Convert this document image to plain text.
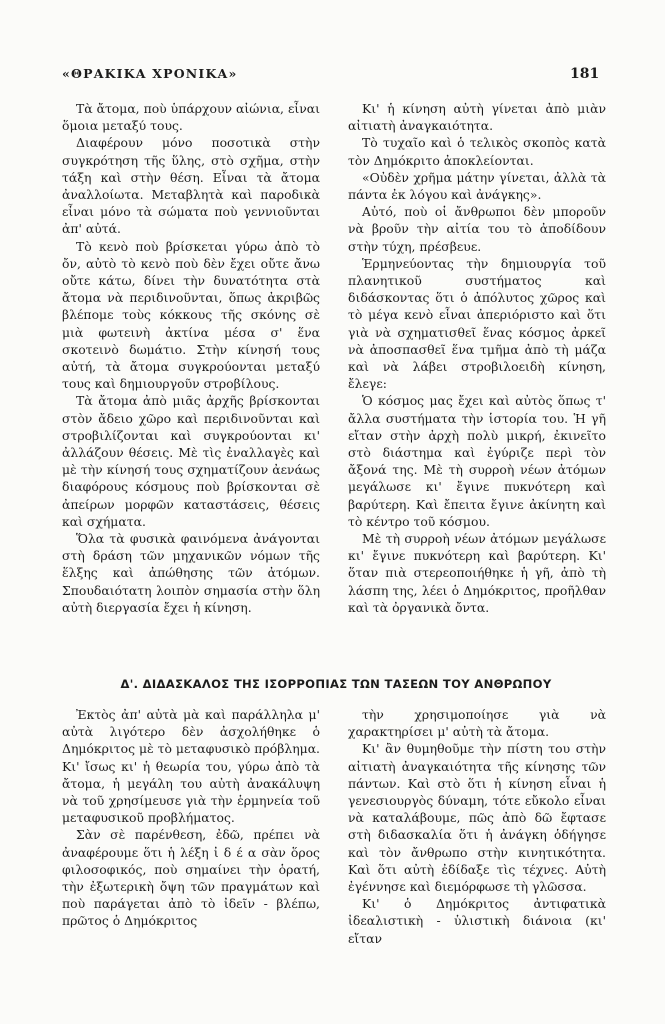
«ΘΡΑΚΙΚΑ ΧΡΟΝΙΚΑ»	181

Τὰ ἄτομα, ποὺ ὑπάρχουν αἰώνια, εἶναι ὅμοια μεταξύ τους.

Διαφέρουν μόνο ποσοτικὰ στὴν συγκρότηση τῆς ὕλης, στὸ σχῆμα, στὴν τάξη καὶ στὴν θέση. Εἶναι τὰ ἄτομα ἀναλλοίωτα. Μεταβλητὰ καὶ παροδικὰ εἶναι μόνο τὰ σώματα ποὺ γεννιοῦνται ἀπ' αὐτά.

Τὸ κενὸ ποὺ βρίσκεται γύρω ἀπὸ τὸ ὄν, αὐτὸ τὸ κενὸ ποὺ δὲν ἔχει οὔτε ἄνω οὔτε κάτω, δίνει τὴν δυνατότητα στὰ ἄτομα νὰ περιδινοῦνται, ὅπως ἀκριβῶς βλέπομε τοὺς κόκκους τῆς σκόνης σὲ μιὰ φωτεινὴ ἀκτίνα μέσα σ' ἕνα σκοτεινὸ δωμάτιο. Στὴν κίνησή τους αὐτή, τὰ ἄτομα συγκρούονται μεταξύ τους καὶ δημιουργοῦν στροβίλους.

Τὰ ἄτομα ἀπὸ μιᾶς ἀρχῆς βρίσκονται στὸν ἄδειο χῶρο καὶ περιδινοῦνται καὶ στροβιλίζονται καὶ συγκρούονται κι' ἀλλάζουν θέσεις. Μὲ τὶς ἐναλλαγὲς καὶ μὲ τὴν κίνησή τους σχηματίζουν ἀενάως διαφόρους κόσμους ποὺ βρίσκονται σὲ ἀπείρων μορφῶν καταστάσεις, θέσεις καὶ σχήματα.

Ὅλα τὰ φυσικὰ φαινόμενα ἀνάγονται στὴ δράση τῶν μηχανικῶν νόμων τῆς ἕλξης καὶ ἀπώθησης τῶν ἀτόμων. Σπουδαιότατη λοιπὸν σημασία στὴν ὅλη αὐτὴ διεργασία ἔχει ἡ κίνηση.

Κι' ἡ κίνηση αὐτὴ γίνεται ἀπὸ μιὰν αἰτιατὴ ἀναγκαιότητα.

Τὸ τυχαῖο καὶ ὁ τελικὸς σκοπὸς κατὰ τὸν Δημόκριτο ἀποκλείονται.

«Οὐδὲν χρῆμα μάτην γίνεται, ἀλλὰ τὰ πάντα ἐκ λόγου καὶ ἀνάγκης».

Αὐτό, ποὺ οἱ ἄνθρωποι δὲν μποροῦν νὰ βροῦν τὴν αἰτία του τὸ ἀποδίδουν στὴν τύχη, πρέσβευε.

Ἑρμηνεύοντας τὴν δημιουργία τοῦ πλανητικοῦ συστήματος καὶ διδάσκοντας ὅτι ὁ ἀπόλυτος χῶρος καὶ τὸ μέγα κενὸ εἶναι ἀπεριόριστο καὶ ὅτι γιὰ νὰ σχηματισθεῖ ἕνας κόσμος ἀρκεῖ νὰ ἀποσπασθεῖ ἕνα τμῆμα ἀπὸ τὴ μάζα καὶ νὰ λάβει στροβιλοειδὴ κίνηση, ἔλεγε:

Ὁ κόσμος μας ἔχει καὶ αὐτὸς ὅπως τ' ἄλλα συστήματα τὴν ἱστορία του. Ἡ γῆ εἴταν στὴν ἀρχὴ πολὺ μικρή, ἐκινεῖτο στὸ διάστημα καὶ ἐγύριζε περὶ τὸν ἄξονά της. Μὲ τὴ συρροὴ νέων ἀτόμων μεγάλωσε κι' ἔγινε πυκνότερη καὶ βαρύτερη. Καὶ ἔπειτα ἔγινε ἀκίνητη καὶ τὸ κέντρο τοῦ κόσμου.

Μὲ τὴ συρροὴ νέων ἀτόμων μεγάλωσε κι' ἔγινε πυκνότερη καὶ βαρύτερη. Κι' ὅταν πιὰ στερεοποιήθηκε ἡ γῆ, ἀπὸ τὴ λάσπη της, λέει ὁ Δημόκριτος, προῆλθαν καὶ τὰ ὀργανικὰ ὄντα.

Δ'. ΔΙΔΑΣΚΑΛΟΣ ΤΗΣ ΙΣΟΡΡΟΠΙΑΣ ΤΩΝ ΤΑΣΕΩΝ ΤΟΥ ΑΝΘΡΩΠΟΥ

Ἐκτὸς ἀπ' αὐτὰ μὰ καὶ παράλληλα μ' αὐτὰ λιγότερο δὲν ἀσχολήθηκε ὁ Δημόκριτος μὲ τὸ μεταφυσικὸ πρόβλημα. Κι' ἴσως κι' ἡ θεωρία του, γύρω ἀπὸ τὰ ἄτομα, ἡ μεγάλη του αὐτὴ ἀνακάλυψη νὰ τοῦ χρησίμευσε γιὰ τὴν ἑρμηνεία τοῦ μεταφυσικοῦ προβλήματος.

Σὰν σὲ παρένθεση, ἐδῶ, πρέπει νὰ ἀναφέρουμε ὅτι ἡ λέξη ἰ δ έ α σὰν ὅρος φιλοσοφικός, ποὺ σημαίνει τὴν ὁρατή, τὴν ἐξωτερικὴ ὄψη τῶν πραγμάτων καὶ ποὺ παράγεται ἀπὸ τὸ ἰδεῖν - βλέπω, πρῶτος ὁ Δημόκριτος

τὴν χρησιμοποίησε γιὰ νὰ χαρακτηρίσει μ' αὐτὴ τὰ ἄτομα.

Κι' ἂν θυμηθοῦμε τὴν πίστη του στὴν αἰτιατὴ ἀναγκαιότητα τῆς κίνησης τῶν πάντων. Καὶ στὸ ὅτι ἡ κίνηση εἶναι ἡ γενεσιουργὸς δύναμη, τότε εὔκολο εἶναι νὰ καταλάβουμε, πῶς ἀπὸ δῶ ἔφτασε στὴ διδασκαλία ὅτι ἡ ἀνάγκη ὁδήγησε καὶ τὸν ἄνθρωπο στὴν κινητικότητα. Καὶ ὅτι αὐτὴ ἐδίδαξε τὶς τέχνες. Αὐτὴ ἐγέννησε καὶ διεμόρφωσε τὴ γλῶσσα.

Κι' ὁ Δημόκριτος ἀντιφατικὰ ἰδεαλιστικὴ - ὑλιστικὴ διάνοια (κι' εἴταν
